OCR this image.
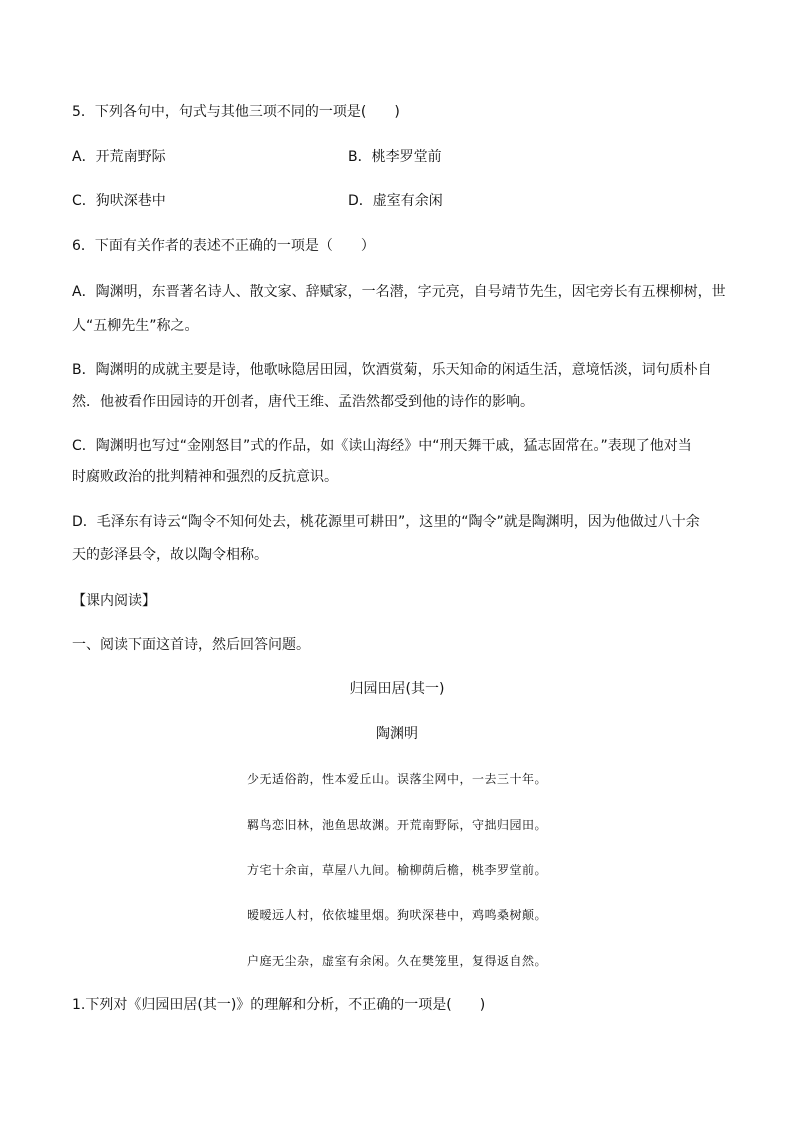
5．下列各句中，句式与其他三项不同的一项是(　　)
A．开荒南野际	B．桃李罗堂前
C．狗吠深巷中	D．虚室有余闲
6．下面有关作者的表述不正确的一项是（　　）
A．陶渊明，东晋著名诗人、散文家、辞赋家，一名潜，字元亮，自号靖节先生，因宅旁长有五棵柳树，世
人“五柳先生”称之。
B．陶渊明的成就主要是诗，他歌咏隐居田园，饮酒赏菊，乐天知命的闲适生活，意境恬淡，词句质朴自
然．他被看作田园诗的开创者，唐代王维、孟浩然都受到他的诗作的影响。
C．陶渊明也写过“金刚怒目”式的作品，如《读山海经》中“刑天舞干戚，猛志固常在。”表现了他对当
时腐败政治的批判精神和强烈的反抗意识。
D．毛泽东有诗云“陶令不知何处去，桃花源里可耕田”，这里的“陶令”就是陶渊明，因为他做过八十余
天的彭泽县令，故以陶令相称。
【课内阅读】
一、阅读下面这首诗，然后回答问题。
归园田居(其一)
陶渊明
少无适俗韵，性本爱丘山。误落尘网中，一去三十年。
羁鸟恋旧林，池鱼思故渊。开荒南野际，守拙归园田。
方宅十余亩，草屋八九间。榆柳荫后檐，桃李罗堂前。
暧暧远人村，依依墟里烟。狗吠深巷中，鸡鸣桑树颠。
户庭无尘杂，虚室有余闲。久在樊笼里，复得返自然。
1.下列对《归园田居(其一)》的理解和分析，不正确的一项是(　　)
